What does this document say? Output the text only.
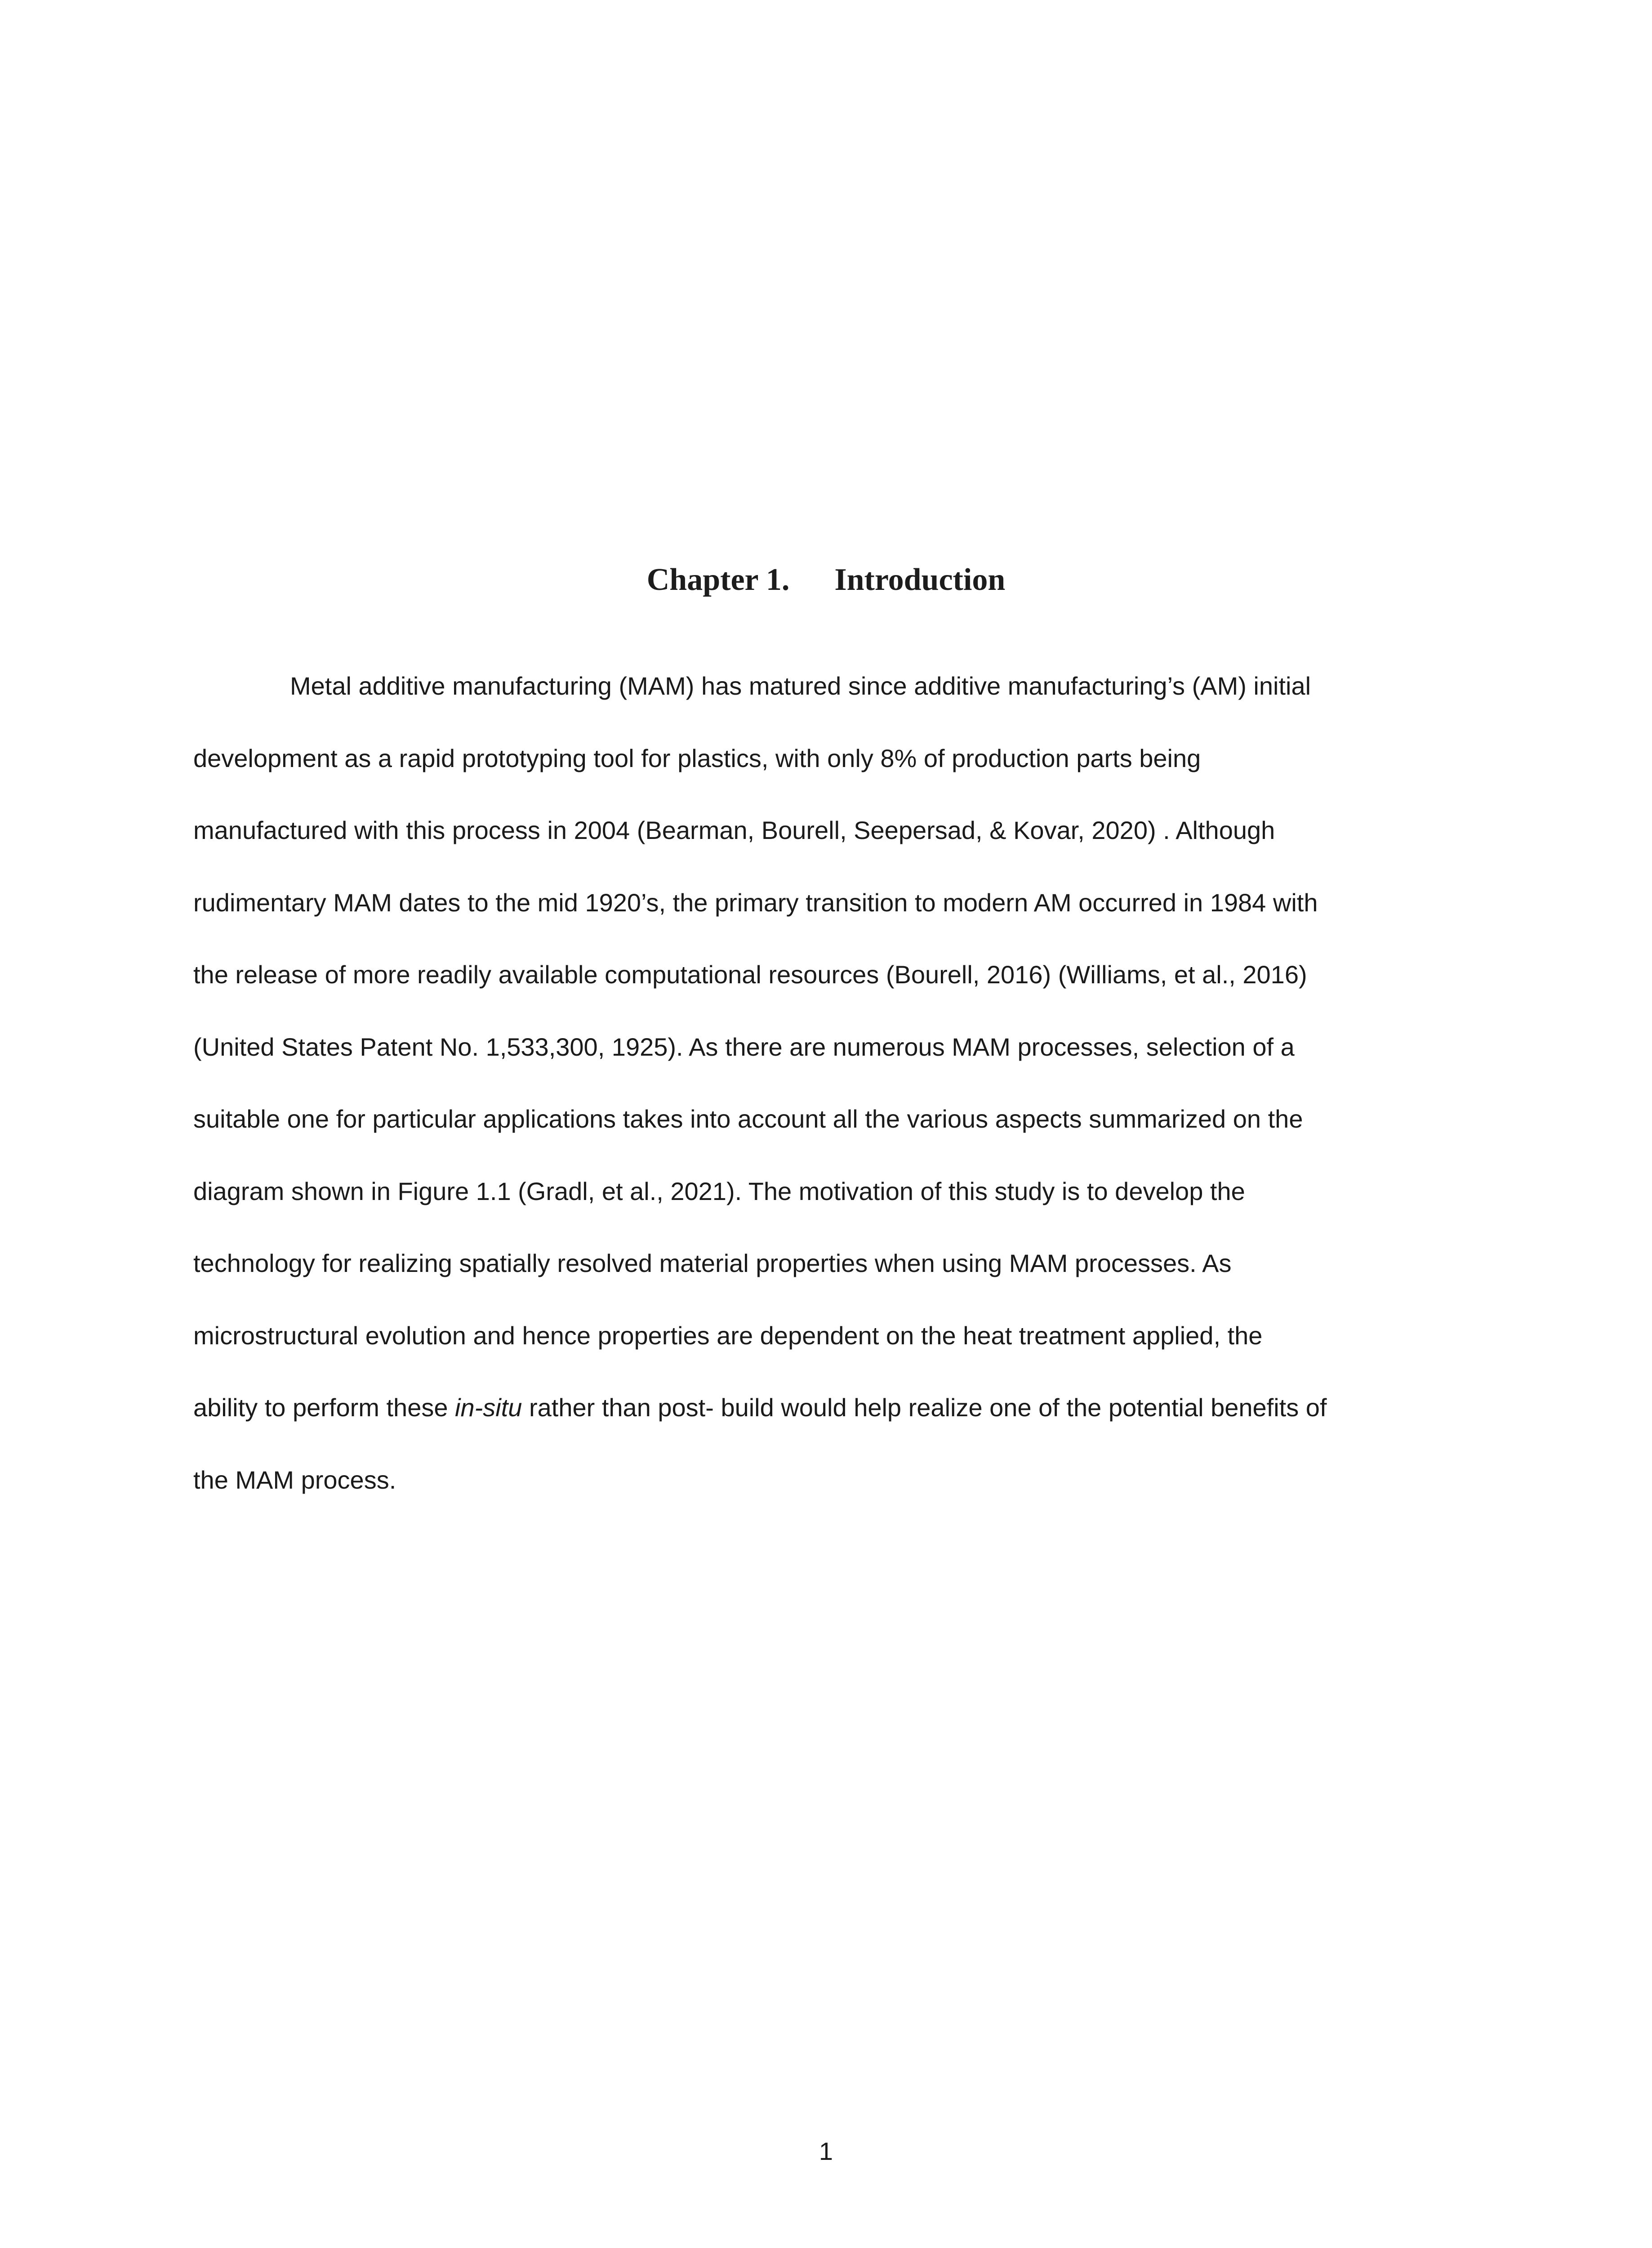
Chapter 1. Introduction
Metal additive manufacturing (MAM) has matured since additive manufacturing’s (AM) initial
development as a rapid prototyping tool for plastics, with only 8% of production parts being
manufactured with this process in 2004 (Bearman, Bourell, Seepersad, & Kovar, 2020) . Although
rudimentary MAM dates to the mid 1920’s, the primary transition to modern AM occurred in 1984 with
the release of more readily available computational resources (Bourell, 2016) (Williams, et al., 2016)
(United States Patent No. 1,533,300, 1925). As there are numerous MAM processes, selection of a
suitable one for particular applications takes into account all the various aspects summarized on the
diagram shown in Figure 1.1 (Gradl, et al., 2021). The motivation of this study is to develop the
technology for realizing spatially resolved material properties when using MAM processes. As
microstructural evolution and hence properties are dependent on the heat treatment applied, the
ability to perform these in-situ rather than post- build would help realize one of the potential benefits of
the MAM process.
1
